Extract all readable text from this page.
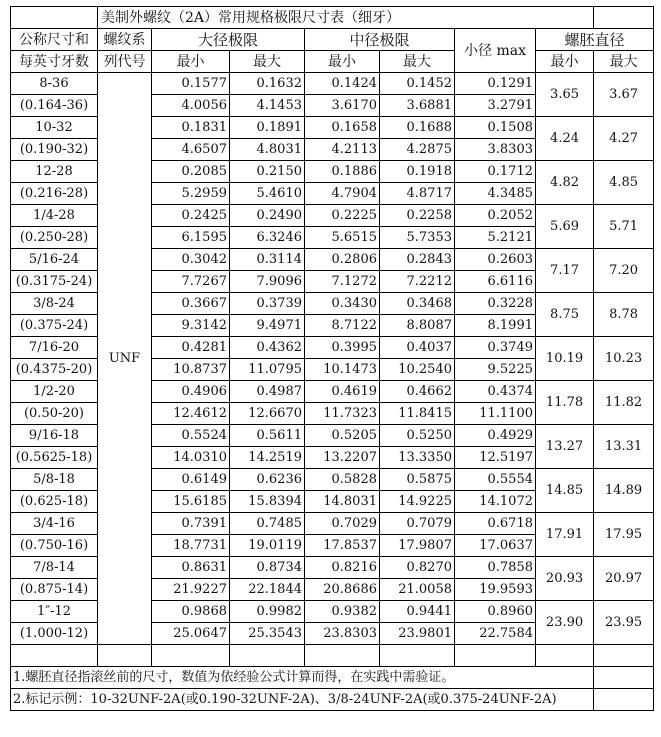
	美制外螺纹（2A）常用规格极限尺寸表（细牙）							
公称尺寸和	螺纹系	大径极限		中径极限		小径 max	螺胚直径	
每英寸牙数	列代号	最小	最大	最小	最大		最小	最大
8-36	UNF	0.1577	0.1632	0.1424	0.1452	0.1291	3.65	3.67
(0.164-36)		4.0056	4.1453	3.6170	3.6881	3.2791		
10-32		0.1831	0.1891	0.1658	0.1688	0.1508	4.24	4.27
(0.190-32)		4.6507	4.8031	4.2113	4.2875	3.8303		
12-28		0.2085	0.2150	0.1886	0.1918	0.1712	4.82	4.85
(0.216-28)		5.2959	5.4610	4.7904	4.8717	4.3485		
1/4-28		0.2425	0.2490	0.2225	0.2258	0.2052	5.69	5.71
(0.250-28)		6.1595	6.3246	5.6515	5.7353	5.2121		
5/16-24		0.3042	0.3114	0.2806	0.2843	0.2603	7.17	7.20
(0.3175-24)		7.7267	7.9096	7.1272	7.2212	6.6116		
3/8-24		0.3667	0.3739	0.3430	0.3468	0.3228	8.75	8.78
(0.375-24)		9.3142	9.4971	8.7122	8.8087	8.1991		
7/16-20		0.4281	0.4362	0.3995	0.4037	0.3749	10.19	10.23
(0.4375-20)		10.8737	11.0795	10.1473	10.2540	9.5225		
1/2-20		0.4906	0.4987	0.4619	0.4662	0.4374	11.78	11.82
(0.50-20)		12.4612	12.6670	11.7323	11.8415	11.1100		
9/16-18		0.5524	0.5611	0.5205	0.5250	0.4929	13.27	13.31
(0.5625-18)		14.0310	14.2519	13.2207	13.3350	12.5197		
5/8-18		0.6149	0.6236	0.5828	0.5875	0.5554	14.85	14.89
(0.625-18)		15.6185	15.8394	14.8031	14.9225	14.1072		
3/4-16		0.7391	0.7485	0.7029	0.7079	0.6718	17.91	17.95
(0.750-16)		18.7731	19.0119	17.8537	17.9807	17.0637		
7/8-14		0.8631	0.8734	0.8216	0.8270	0.7858	20.93	20.97
(0.875-14)		21.9227	22.1844	20.8686	21.0058	19.9593		
1″-12		0.9868	0.9982	0.9382	0.9441	0.8960	23.90	23.95
(1.000-12)		25.0647	25.3543	23.8303	23.9801	22.7584		

1.螺胚直径指滚丝前的尺寸，数值为依经验公式计算而得，在实践中需验证。								
2.标记示例：10-32UNF-2A(或0.190-32UNF-2A)、3/8-24UNF-2A(或0.375-24UNF-2A)								
